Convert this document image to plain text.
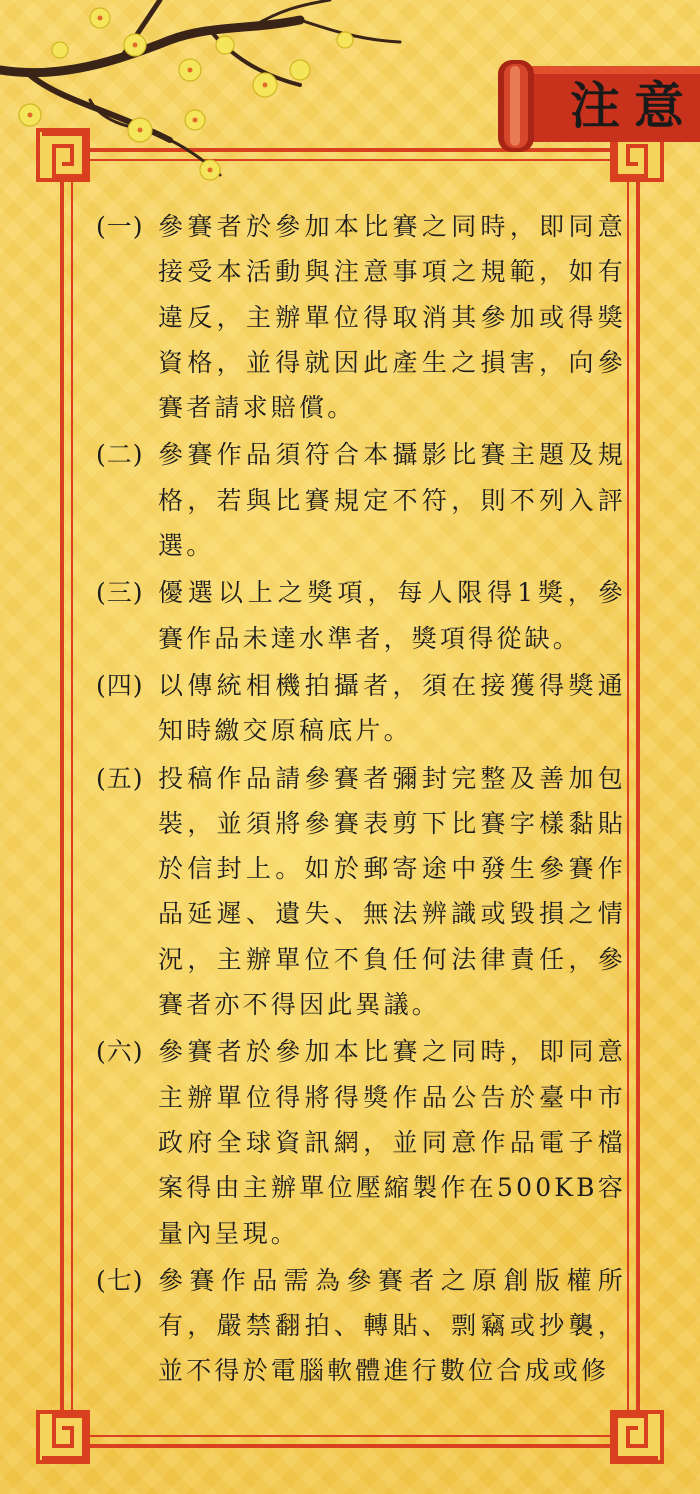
注意
(一) 參賽者於參加本比賽之同時，即同意接受本活動與注意事項之規範，如有違反，主辦單位得取消其參加或得獎資格，並得就因此產生之損害，向參賽者請求賠償。
(二) 參賽作品須符合本攝影比賽主題及規格，若與比賽規定不符，則不列入評選。
(三) 優選以上之獎項，每人限得1獎，參賽作品未達水準者，獎項得從缺。
(四) 以傳統相機拍攝者，須在接獲得獎通知時繳交原稿底片。
(五) 投稿作品請參賽者彌封完整及善加包裝，並須將參賽表剪下比賽字樣黏貼於信封上。如於郵寄途中發生參賽作品延遲、遺失、無法辨識或毀損之情況，主辦單位不負任何法律責任，參賽者亦不得因此異議。
(六) 參賽者於參加本比賽之同時，即同意主辦單位得將得獎作品公告於臺中市政府全球資訊網，並同意作品電子檔案得由主辦單位壓縮製作在500KB容量內呈現。
(七) 參賽作品需為參賽者之原創版權所有，嚴禁翻拍、轉貼、剽竊或抄襲，並不得於電腦軟體進行數位合成或修
